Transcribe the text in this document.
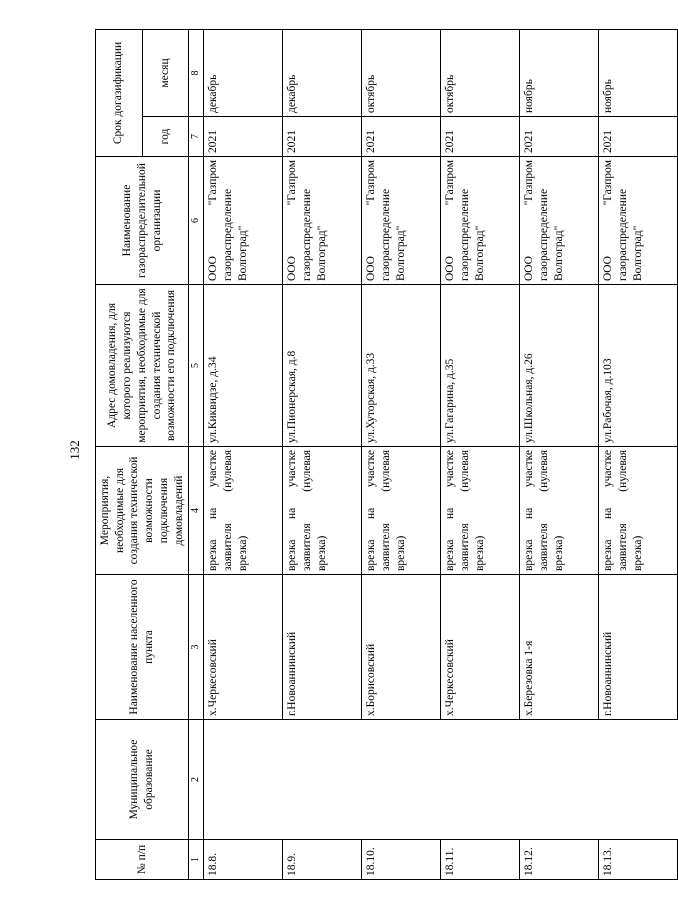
132
№ п/п	Муниципальное образование	Наименование населенного пункта	Мероприятия, необходимые для создания технической возможности подключения домовладений	Адрес домовладения, для которого реализуются мероприятия, необходимые для создания технической возможности его подключения	Наименование газораспределительной организации	Срок догазификации	
						год	месяц
1	2	3	4	5	6	7	8
18.8.		х.Черкесовский	врезка на участке заявителя (нулевая врезка)	ул.Киквидзе, д.34	ООО "Газпром газораспределение Волгоград"	2021	декабрь
18.9.		г.Новоаннинский	врезка на участке заявителя (нулевая врезка)	ул.Пионерская, д.8	ООО "Газпром газораспределение Волгоград"	2021	декабрь
18.10.		х.Борисовский	врезка на участке заявителя (нулевая врезка)	ул.Хуторская, д.33	ООО "Газпром газораспределение Волгоград"	2021	октябрь
18.11.		х.Черкесовский	врезка на участке заявителя (нулевая врезка)	ул.Гагарина, д.35	ООО "Газпром газораспределение Волгоград"	2021	октябрь
18.12.		х.Березовка 1-я	врезка на участке заявителя (нулевая врезка)	ул.Школьная, д.26	ООО "Газпром газораспределение Волгоград"	2021	ноябрь
18.13.		г.Новоаннинский	врезка на участке заявителя (нулевая врезка)	ул.Рабочая, д.103	ООО "Газпром газораспределение Волгоград"	2021	ноябрь
